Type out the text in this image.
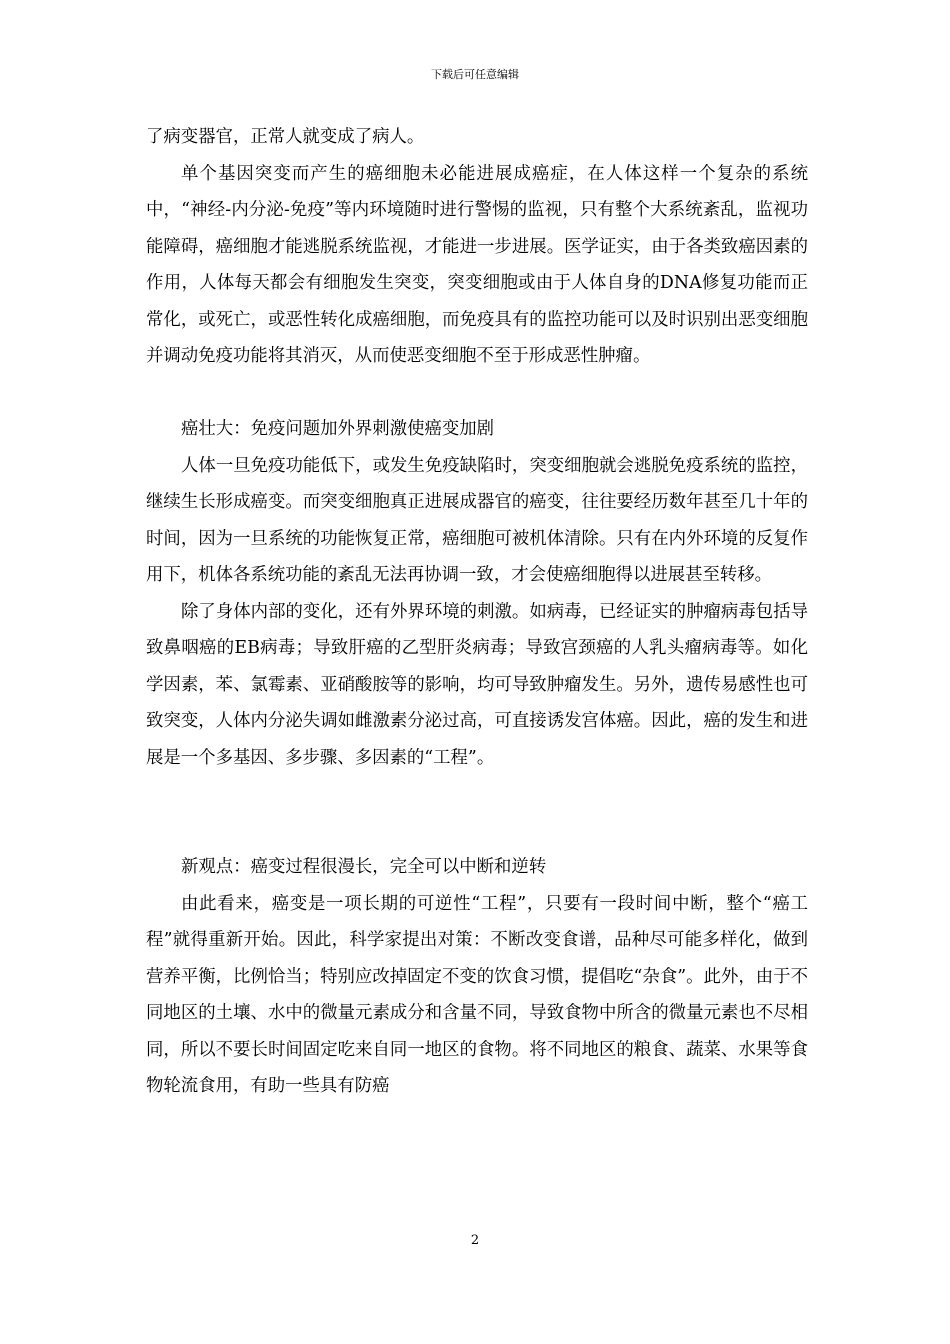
下载后可任意编辑

了病变器官，正常人就变成了病人。

单个基因突变而产生的癌细胞未必能进展成癌症，在人体这样一个复杂的系统中，“神经-内分泌-免疫”等内环境随时进行警惕的监视，只有整个大系统紊乱，监视功能障碍，癌细胞才能逃脱系统监视，才能进一步进展。医学证实，由于各类致癌因素的作用，人体每天都会有细胞发生突变，突变细胞或由于人体自身的DNA修复功能而正常化，或死亡，或恶性转化成癌细胞，而免疫具有的监控功能可以及时识别出恶变细胞并调动免疫功能将其消灭，从而使恶变细胞不至于形成恶性肿瘤。

癌壮大：免疫问题加外界刺激使癌变加剧

人体一旦免疫功能低下，或发生免疫缺陷时，突变细胞就会逃脱免疫系统的监控，继续生长形成癌变。而突变细胞真正进展成器官的癌变，往往要经历数年甚至几十年的时间，因为一旦系统的功能恢复正常，癌细胞可被机体清除。只有在内外环境的反复作用下，机体各系统功能的紊乱无法再协调一致，才会使癌细胞得以进展甚至转移。

除了身体内部的变化，还有外界环境的刺激。如病毒，已经证实的肿瘤病毒包括导致鼻咽癌的EB病毒；导致肝癌的乙型肝炎病毒；导致宫颈癌的人乳头瘤病毒等。如化学因素，苯、氯霉素、亚硝酸胺等的影响，均可导致肿瘤发生。另外，遗传易感性也可致突变，人体内分泌失调如雌激素分泌过高，可直接诱发宫体癌。因此，癌的发生和进展是一个多基因、多步骤、多因素的“工程”。

新观点：癌变过程很漫长，完全可以中断和逆转

由此看来，癌变是一项长期的可逆性“工程”，只要有一段时间中断，整个“癌工程”就得重新开始。因此，科学家提出对策：不断改变食谱，品种尽可能多样化，做到营养平衡，比例恰当；特别应改掉固定不变的饮食习惯，提倡吃“杂食”。此外，由于不同地区的土壤、水中的微量元素成分和含量不同，导致食物中所含的微量元素也不尽相同，所以不要长时间固定吃来自同一地区的食物。将不同地区的粮食、蔬菜、水果等食物轮流食用，有助一些具有防癌

2
